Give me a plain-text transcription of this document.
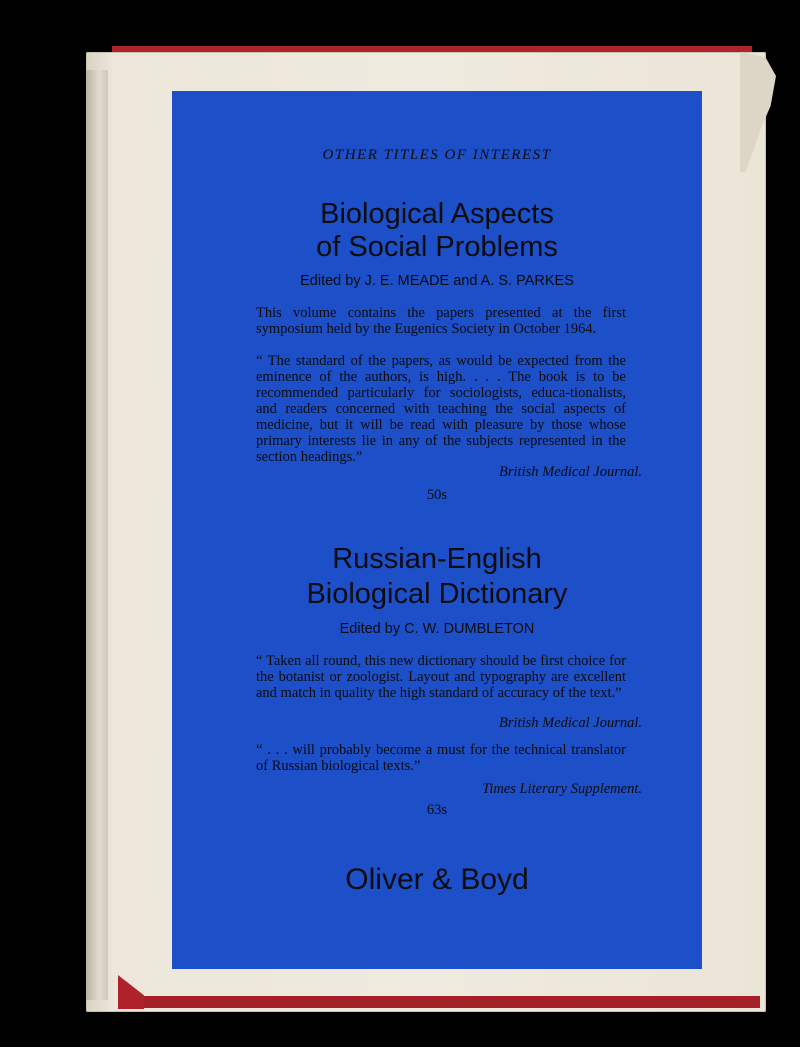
OTHER TITLES OF INTEREST
Biological Aspects
of Social Problems
Edited by J. E. MEADE and A. S. PARKES
This volume contains the papers presented at the first symposium held by the Eugenics Society in October 1964.
“ The standard of the papers, as would be expected from the eminence of the authors, is high. . . . The book is to be recommended particularly for sociologists, educa-tionalists, and readers concerned with teaching the social aspects of medicine, but it will be read with pleasure by those whose primary interests lie in any of the subjects represented in the section headings.”
British Medical Journal.
50s
Russian-English
Biological Dictionary
Edited by C. W. DUMBLETON
“ Taken all round, this new dictionary should be first choice for the botanist or zoologist. Layout and typography are excellent and match in quality the high standard of accuracy of the text.”
British Medical Journal.
“ . . . will probably become a must for the technical translator of Russian biological texts.”
Times Literary Supplement.
63s
Oliver & Boyd
